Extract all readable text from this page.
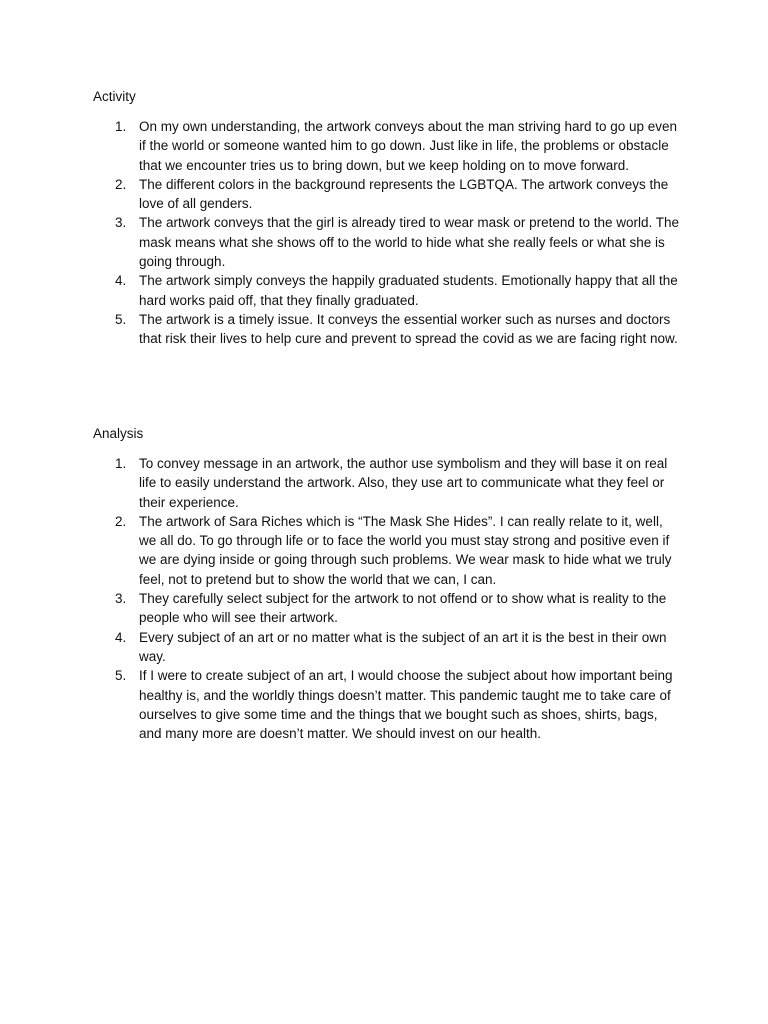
Activity
1. On my own understanding, the artwork conveys about the man striving hard to go up even if the world or someone wanted him to go down. Just like in life, the problems or obstacle that we encounter tries us to bring down, but we keep holding on to move forward.
2. The different colors in the background represents the LGBTQA. The artwork conveys the love of all genders.
3. The artwork conveys that the girl is already tired to wear mask or pretend to the world. The mask means what she shows off to the world to hide what she really feels or what she is going through.
4. The artwork simply conveys the happily graduated students. Emotionally happy that all the hard works paid off, that they finally graduated.
5. The artwork is a timely issue. It conveys the essential worker such as nurses and doctors that risk their lives to help cure and prevent to spread the covid as we are facing right now.
Analysis
1. To convey message in an artwork, the author use symbolism and they will base it on real life to easily understand the artwork. Also, they use art to communicate what they feel or their experience.
2. The artwork of Sara Riches which is “The Mask She Hides”. I can really relate to it, well, we all do. To go through life or to face the world you must stay strong and positive even if we are dying inside or going through such problems. We wear mask to hide what we truly feel, not to pretend but to show the world that we can, I can.
3. They carefully select subject for the artwork to not offend or to show what is reality to the people who will see their artwork.
4. Every subject of an art or no matter what is the subject of an art it is the best in their own way.
5. If I were to create subject of an art, I would choose the subject about how important being healthy is, and the worldly things doesn’t matter. This pandemic taught me to take care of ourselves to give some time and the things that we bought such as shoes, shirts, bags, and many more are doesn’t matter. We should invest on our health.
